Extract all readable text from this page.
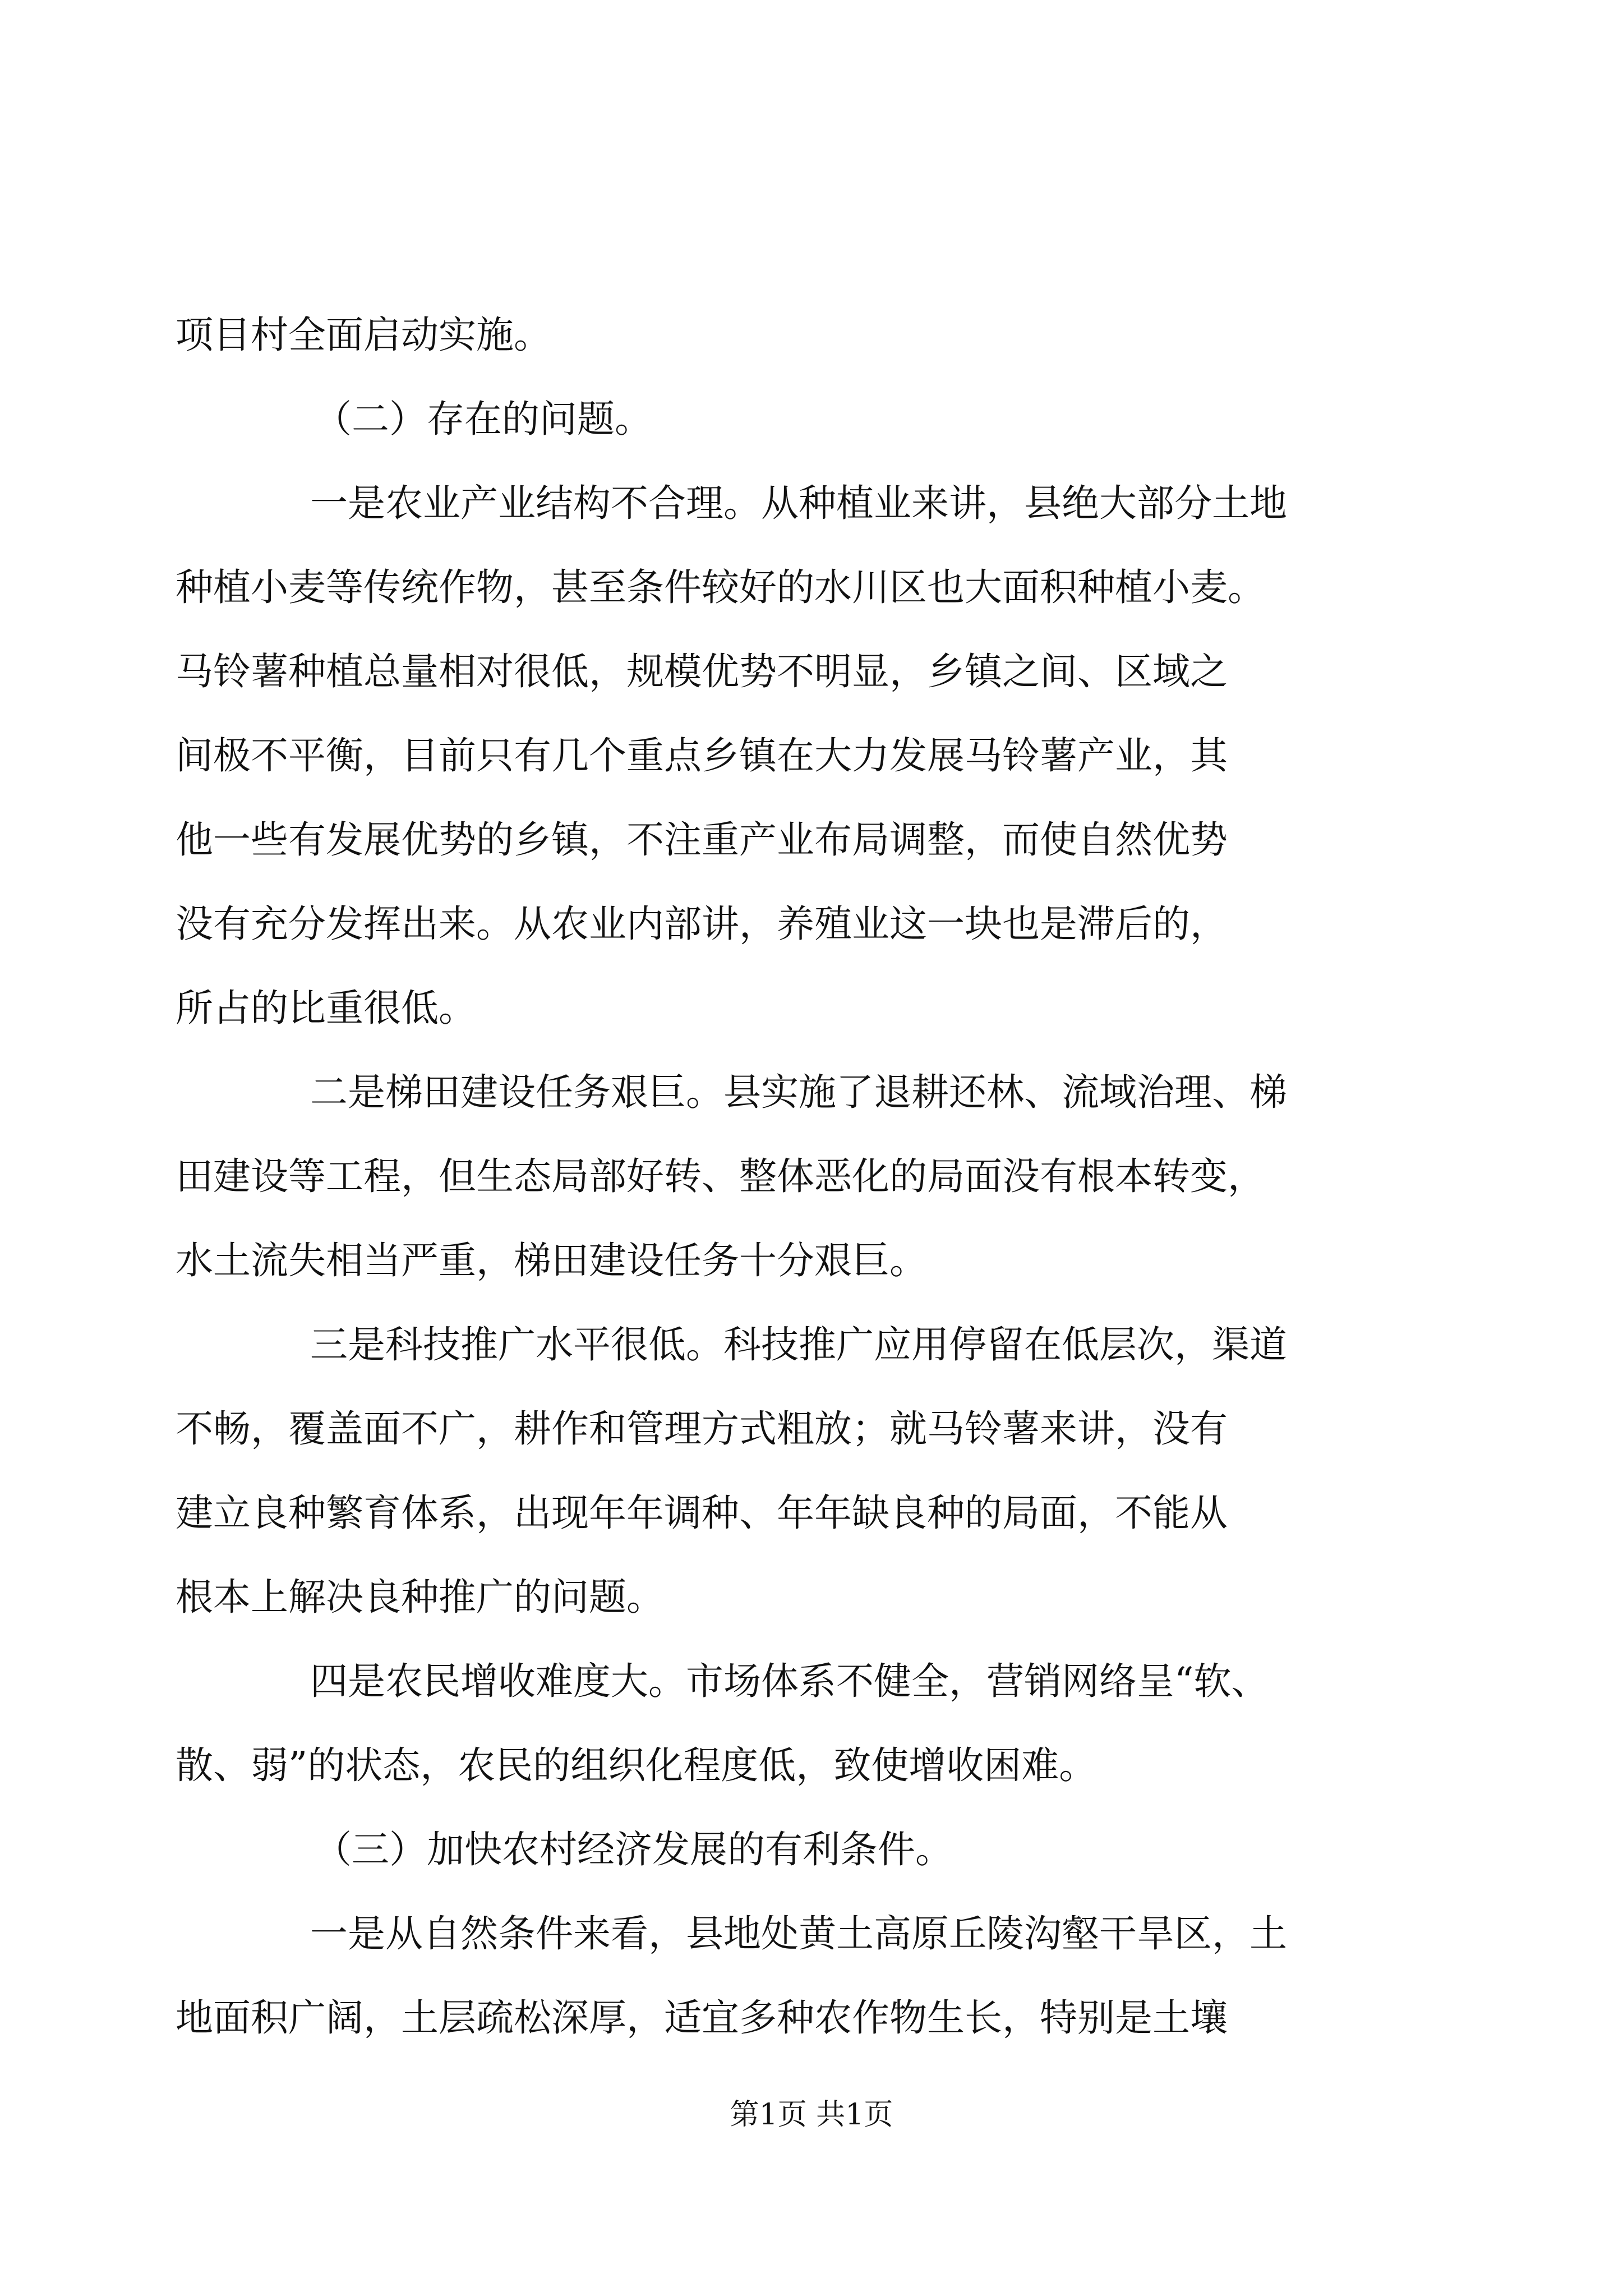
项目村全面启动实施。
（二）存在的问题。
一是农业产业结构不合理。从种植业来讲，县绝大部分土地
种植小麦等传统作物，甚至条件较好的水川区也大面积种植小麦。
马铃薯种植总量相对很低，规模优势不明显，乡镇之间、区域之
间极不平衡，目前只有几个重点乡镇在大力发展马铃薯产业，其
他一些有发展优势的乡镇，不注重产业布局调整，而使自然优势
没有充分发挥出来。从农业内部讲，养殖业这一块也是滞后的，
所占的比重很低。
二是梯田建设任务艰巨。县实施了退耕还林、流域治理、梯
田建设等工程，但生态局部好转、整体恶化的局面没有根本转变，
水土流失相当严重，梯田建设任务十分艰巨。
三是科技推广水平很低。科技推广应用停留在低层次，渠道
不畅，覆盖面不广，耕作和管理方式粗放；就马铃薯来讲，没有
建立良种繁育体系，出现年年调种、年年缺良种的局面，不能从
根本上解决良种推广的问题。
四是农民增收难度大。市场体系不健全，营销网络呈“软、
散、弱”的状态，农民的组织化程度低，致使增收困难。
（三）加快农村经济发展的有利条件。
一是从自然条件来看，县地处黄土高原丘陵沟壑干旱区，土
地面积广阔，土层疏松深厚，适宜多种农作物生长，特别是土壤
第1页 共1页
